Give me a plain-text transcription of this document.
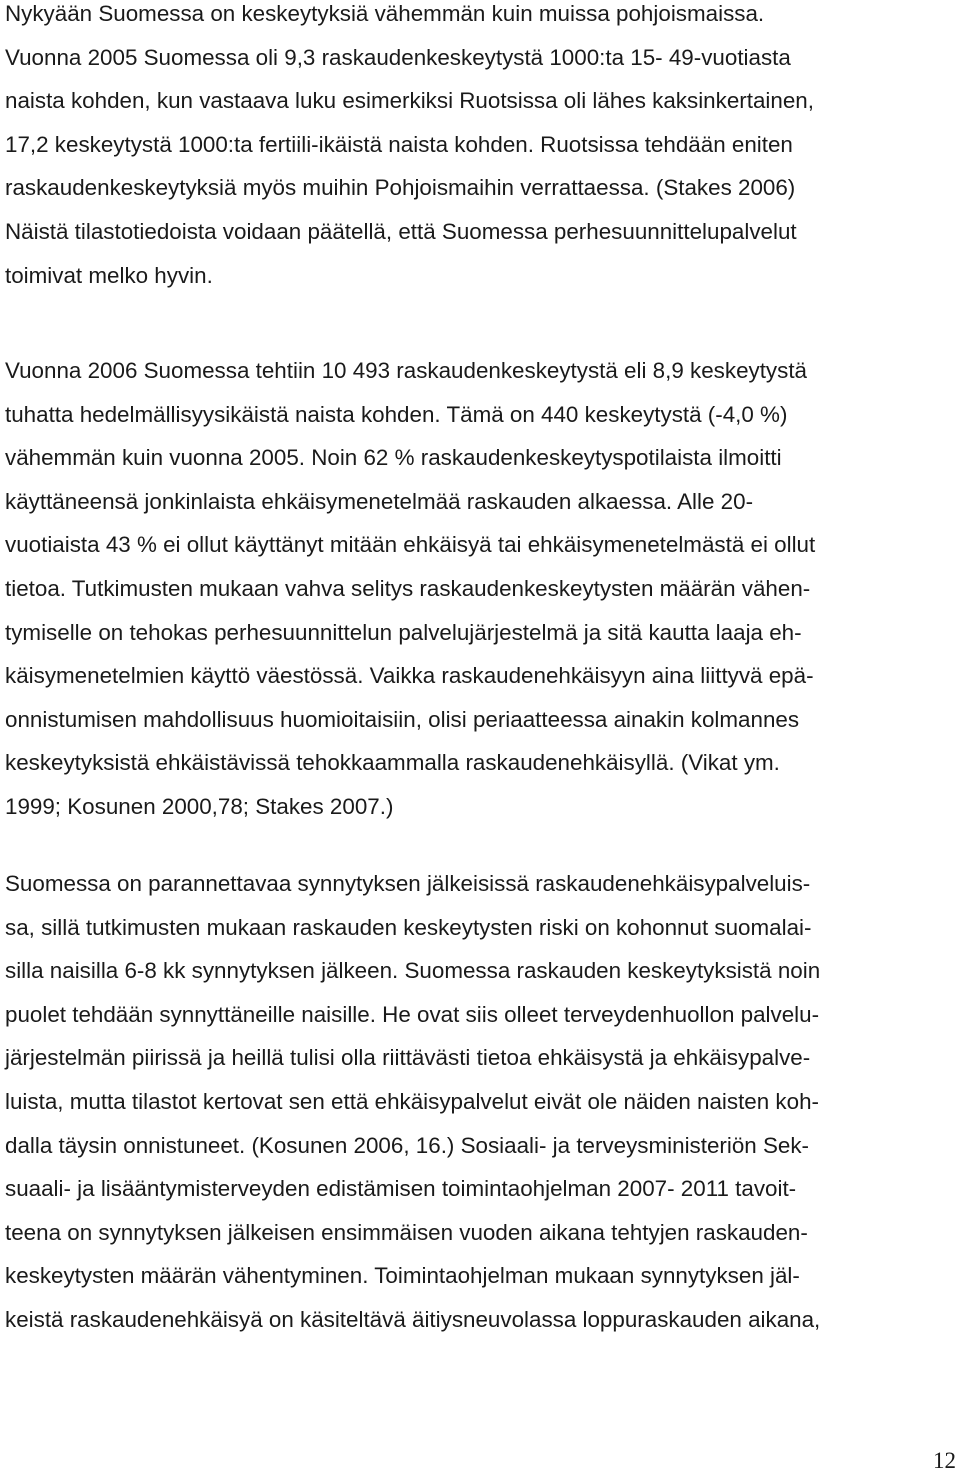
Nykyään Suomessa on keskeytyksiä vähemmän kuin muissa pohjoismaissa.
Vuonna 2005 Suomessa oli 9,3 raskaudenkeskeytystä 1000:ta 15- 49-vuotiasta
naista kohden, kun vastaava luku esimerkiksi Ruotsissa oli lähes kaksinkertainen,
17,2 keskeytystä 1000:ta fertiili-ikäistä naista kohden. Ruotsissa tehdään eniten
raskaudenkeskeytyksiä myös muihin Pohjoismaihin verrattaessa. (Stakes 2006)
Näistä tilastotiedoista voidaan päätellä, että Suomessa perhesuunnittelupalvelut
toimivat melko hyvin.
Vuonna 2006 Suomessa tehtiin 10 493 raskaudenkeskeytystä eli 8,9 keskeytystä
tuhatta hedelmällisyysikäistä naista kohden. Tämä on 440 keskeytystä (-4,0 %)
vähemmän kuin vuonna 2005. Noin 62 % raskaudenkeskeytyspotilaista ilmoitti
käyttäneensä jonkinlaista ehkäisymenetelmää raskauden alkaessa. Alle 20-
vuotiaista 43 % ei ollut käyttänyt mitään ehkäisyä tai ehkäisymenetelmästä ei ollut
tietoa. Tutkimusten mukaan vahva selitys raskaudenkeskeytysten määrän vähen-
tymiselle on tehokas perhesuunnittelun palvelujärjestelmä ja sitä kautta laaja eh-
käisymenetelmien käyttö väestössä. Vaikka raskaudenehkäisyyn aina liittyvä epä-
onnistumisen mahdollisuus huomioitaisiin, olisi periaatteessa ainakin kolmannes
keskeytyksistä ehkäistävissä tehokkaammalla raskaudenehkäisyllä. (Vikat ym.
1999; Kosunen 2000,78; Stakes 2007.)
Suomessa on parannettavaa synnytyksen jälkeisissä raskaudenehkäisypalveluis-
sa, sillä tutkimusten mukaan raskauden keskeytysten riski on kohonnut suomalai-
silla naisilla 6-8 kk synnytyksen jälkeen. Suomessa raskauden keskeytyksistä noin
puolet tehdään synnyttäneille naisille. He ovat siis olleet terveydenhuollon palvelu-
järjestelmän piirissä ja heillä tulisi olla riittävästi tietoa ehkäisystä ja ehkäisypalve-
luista, mutta tilastot kertovat sen että ehkäisypalvelut eivät ole näiden naisten koh-
dalla täysin onnistuneet. (Kosunen 2006, 16.) Sosiaali- ja terveysministeriön Sek-
suaali- ja lisääntymisterveyden edistämisen toimintaohjelman 2007- 2011 tavoit-
teena on synnytyksen jälkeisen ensimmäisen vuoden aikana tehtyjen raskauden-
keskeytysten määrän vähentyminen. Toimintaohjelman mukaan synnytyksen jäl-
keistä raskaudenehkäisyä on käsiteltävä äitiysneuvolassa loppuraskauden aikana,
12
